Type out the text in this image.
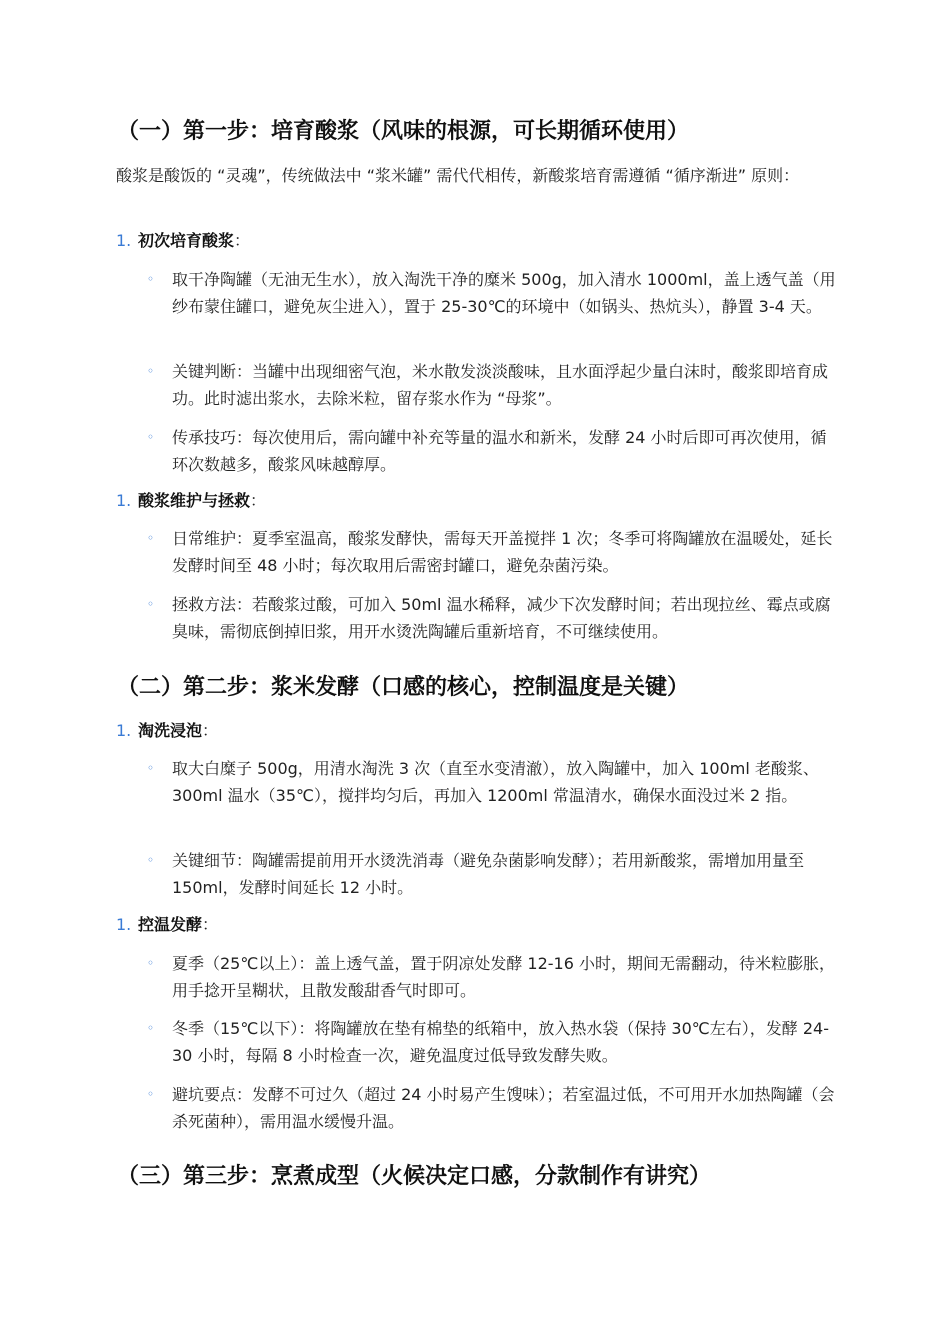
（一）第一步：培育酸浆（风味的根源，可长期循环使用）
酸浆是酸饭的 “灵魂”，传统做法中 “浆米罐” 需代代相传，新酸浆培育需遵循 “循序渐进” 原则：
1. 初次培育酸浆：
◦ 取干净陶罐（无油无生水），放入淘洗干净的糜米 500g，加入清水 1000ml，盖上透气盖（用纱布蒙住罐口，避免灰尘进入），置于 25-30℃的环境中（如锅头、热炕头），静置 3-4 天。
◦ 关键判断：当罐中出现细密气泡，米水散发淡淡酸味，且水面浮起少量白沫时，酸浆即培育成功。此时滤出浆水，去除米粒，留存浆水作为 “母浆”。
◦ 传承技巧：每次使用后，需向罐中补充等量的温水和新米，发酵 24 小时后即可再次使用，循环次数越多，酸浆风味越醇厚。
1. 酸浆维护与拯救：
◦ 日常维护：夏季室温高，酸浆发酵快，需每天开盖搅拌 1 次；冬季可将陶罐放在温暖处，延长发酵时间至 48 小时；每次取用后需密封罐口，避免杂菌污染。
◦ 拯救方法：若酸浆过酸，可加入 50ml 温水稀释，减少下次发酵时间；若出现拉丝、霉点或腐臭味，需彻底倒掉旧浆，用开水烫洗陶罐后重新培育，不可继续使用。
（二）第二步：浆米发酵（口感的核心，控制温度是关键）
1. 淘洗浸泡：
◦ 取大白糜子 500g，用清水淘洗 3 次（直至水变清澈），放入陶罐中，加入 100ml 老酸浆、300ml 温水（35℃），搅拌均匀后，再加入 1200ml 常温清水，确保水面没过米 2 指。
◦ 关键细节：陶罐需提前用开水烫洗消毒（避免杂菌影响发酵）；若用新酸浆，需增加用量至 150ml，发酵时间延长 12 小时。
1. 控温发酵：
◦ 夏季（25℃以上）：盖上透气盖，置于阴凉处发酵 12-16 小时，期间无需翻动，待米粒膨胀，用手捻开呈糊状，且散发酸甜香气时即可。
◦ 冬季（15℃以下）：将陶罐放在垫有棉垫的纸箱中，放入热水袋（保持 30℃左右），发酵 24-30 小时，每隔 8 小时检查一次，避免温度过低导致发酵失败。
◦ 避坑要点：发酵不可过久（超过 24 小时易产生馊味）；若室温过低，不可用开水加热陶罐（会杀死菌种），需用温水缓慢升温。
（三）第三步：烹煮成型（火候决定口感，分款制作有讲究）
